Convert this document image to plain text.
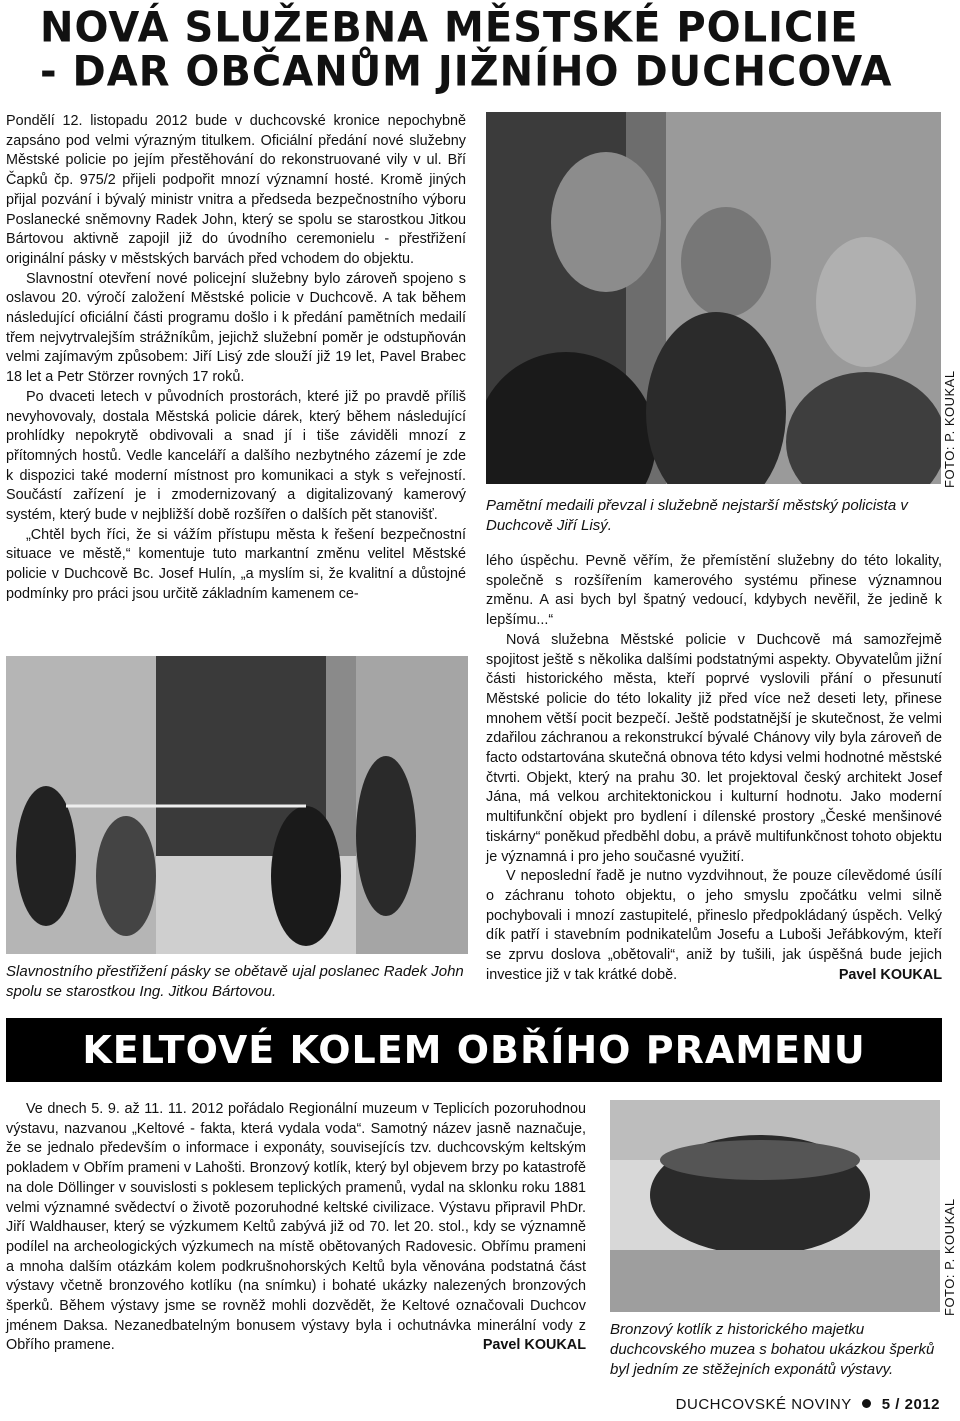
NOVÁ SLUŽEBNA MĚSTSKÉ POLICIE
- DAR OBČANŮM JIŽNÍHO DUCHCOVA

Pondělí 12. listopadu 2012 bude v duchcovské kronice nepochybně zapsáno pod velmi výrazným titulkem. Oficiální předání nové služebny Městské policie po jejím přestěhování do rekonstruované vily v ul. Bří Čapků čp. 975/2 přijeli podpořit mnozí významní hosté. Kromě jiných přijal pozvání i bývalý ministr vnitra a předseda bezpečnostního výboru Poslanecké sněmovny Radek John, který se spolu se starostkou Jitkou Bártovou aktivně zapojil již do úvodního ceremonielu - přestřižení originální pásky v městských barvách před vchodem do objektu.

Slavnostní otevření nové policejní služebny bylo zároveň spojeno s oslavou 20. výročí založení Městské policie v Duchcově. A tak během následující oficiální části programu došlo i k předání pamětních medailí třem nejvytrvalejším strážníkům, jejichž služební poměr je odstupňován velmi zajímavým způsobem: Jiří Lisý zde slouží již 19 let, Pavel Brabec 18 let a Petr Störzer rovných 17 roků.

Po dvaceti letech v původních prostorách, které již po pravdě příliš nevyhovovaly, dostala Městská policie dárek, který během následující prohlídky nepokrytě obdivovali a snad jí i tiše záviděli mnozí z přítomných hostů. Vedle kanceláří a dalšího nezbytného zázemí je zde k dispozici také moderní místnost pro komunikaci a styk s veřejností. Součástí zařízení je i zmodernizovaný a digitalizovaný kamerový systém, který bude v nejbližší době rozšířen o dalších pět stanovišť.

„Chtěl bych říci, že si vážím přístupu města k řešení bezpečnostní situace ve městě,“ komentuje tuto markantní změnu velitel Městské policie v Duchcově Bc. Josef Hulín, „a myslím si, že kvalitní a důstojné podmínky pro práci jsou určitě základním kamenem ce-

Slavnostního přestřižení pásky se obětavě ujal poslanec Radek John spolu se starostkou Ing. Jitkou Bártovou.
FOTO: P. KOUKAL
Pamětní medaili převzal i služebně nejstarší městský policista v Duchcově Jiří Lisý.

lého úspěchu. Pevně věřím, že přemístění služebny do této lokality, společně s rozšířením kamerového systému přinese významnou změnu. A asi bych byl špatný vedoucí, kdybych nevěřil, že jedině k lepšímu...“

Nová služebna Městské policie v Duchcově má samozřejmě spojitost ještě s několika dalšími podstatnými aspekty. Obyvatelům jižní části historického města, kteří poprvé vyslovili přání o přesunutí Městské policie do této lokality již před více než deseti lety, přinese mnohem větší pocit bezpečí. Ještě podstatnější je skutečnost, že velmi zdařilou záchranou a rekonstrukcí bývalé Chánovy vily byla zároveň de facto odstartována skutečná obnova této kdysi velmi hodnotné městské čtvrti. Objekt, který na prahu 30. let projektoval český architekt Josef Jána, má velkou architektonickou i kulturní hodnotu. Jako moderní multifunkční objekt pro bydlení i dílenské prostory „České menšinové tiskárny“ poněkud předběhl dobu, a právě multifunkčnost tohoto objektu je významná i pro jeho současné využití.

V neposlední řadě je nutno vyzdvihnout, že pouze cílevědomé úsílí o záchranu tohoto objektu, o jeho smyslu zpočátku velmi silně pochybovali i mnozí zastupitelé, přineslo předpokládaný úspěch. Velký dík patří i stavebním podnikatelům Josefu a Luboši Jeřábkovým, kteří se zprvu doslova „obětovali“, aniž by tušili, jak úspěšná bude jejich investice již v tak krátké době.	Pavel KOUKAL

KELTOVÉ KOLEM OBŘÍHO PRAMENU

Ve dnech 5. 9. až 11. 11. 2012 pořádalo Regionální muzeum v Teplicích pozoruhodnou výstavu, nazvanou „Keltové - fakta, která vydala voda“. Samotný název jasně naznačuje, že se jednalo především o informace i exponáty, souvisejícís tzv. duchcovským keltským pokladem v Obřím prameni v Lahošti. Bronzový kotlík, který byl objevem brzy po katastrofě na dole Döllinger v souvislosti s poklesem teplických pramenů, vydal na sklonku roku 1881 velmi významné svědectví o životě pozoruhodné keltské civilizace. Výstavu připravil PhDr. Jiří Waldhauser, který se výzkumem Keltů zabývá již od 70. let 20. stol., kdy se významně podílel na archeologických výzkumech na místě obětovaných Radovesic. Obřímu prameni a mnoha dalším otázkám kolem podkrušnohorských Keltů byla věnována podstatná část výstavy včetně bronzového kotlíku (na snímku) i bohaté ukázky nalezených bronzových šperků. Během výstavy jsme se rovněž mohli dozvědět, že Keltové označovali Duchcov jménem Daksa. Nezanedbatelným bonusem výstavy byla i ochutnávka minerální vody z Obřího pramene.	Pavel KOUKAL

FOTO: P. KOUKAL
Bronzový kotlík z historického majetku duchcovského muzea s bohatou ukázkou šperků byl jedním ze stěžejních exponátů výstavy.
DUCHCOVSKÉ NOVINY 5 / 2012
